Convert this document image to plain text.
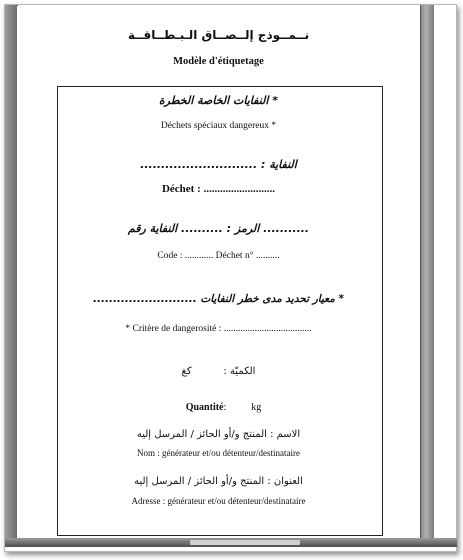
نــمــوذج إلــصــاق الـبـطــاقــة
Modèle d'étiquetage
النفايات الخاصة الخطرة *
Déchets spéciaux dangereux *
............................ : النفاية
Déchet : ..........................
الرمز : .......... النفاية رقم ...........
Code : ............ Déchet n° ..........
.......................... معيار تحديد مدى خطر النفايات *
* Critère de dangerosité : .....................................
الكميّة :          كغ

Quantité:          kg

الاسم : المنتج و/أو الحائز / المرسل إليه
Nom : générateur et/ou détenteur/destinataire
العنوان : المنتج و/أو الحائز / المرسل إليه
Adresse : générateur et/ou détenteur/destinataire
